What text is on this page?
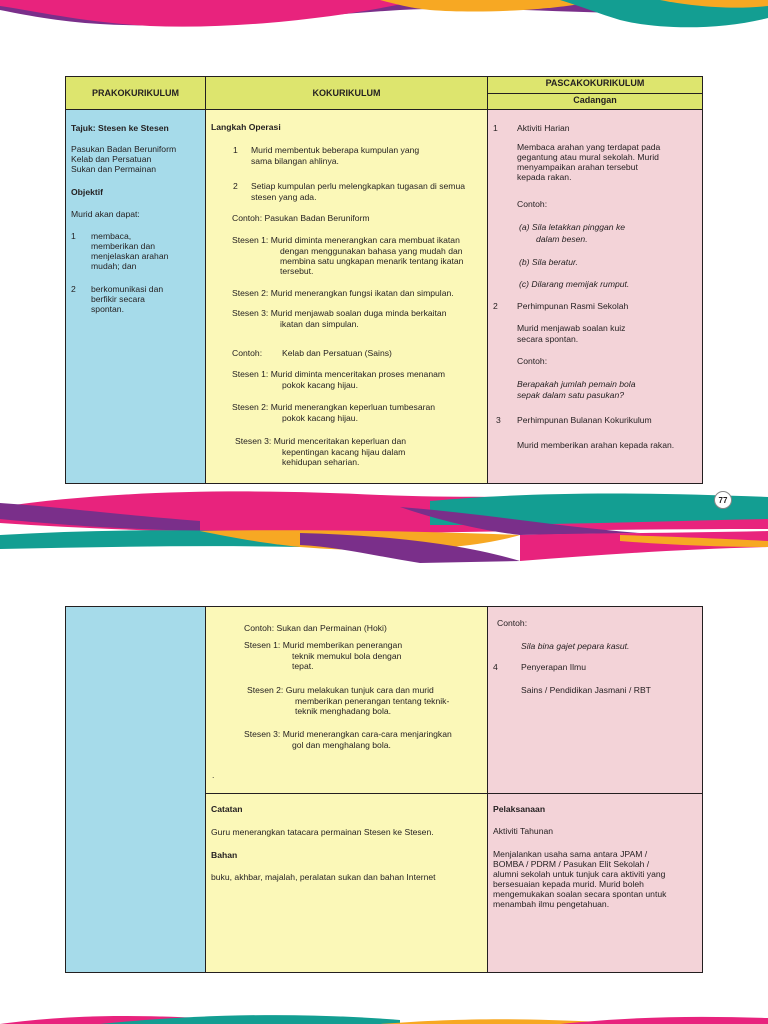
77
PRAKOKURIKULUM	KOKURIKULUM
PASCAKOKURIKULUM
Cadangan
Tajuk: Stesen ke Stesen
Pasukan Badan Beruniform
Kelab dan Persatuan
Sukan dan Permainan
Objektif
Murid akan dapat:
1 membaca,
memberikan dan
menjelaskan arahan
mudah; dan
2 berkomunikasi dan
berfikir secara
spontan.
Langkah Operasi
1 Murid membentuk beberapa kumpulan yang
sama bilangan ahlinya.
2 Setiap kumpulan perlu melengkapkan tugasan di semua
stesen yang ada.
Contoh: Pasukan Badan Beruniform
Stesen 1: Murid diminta menerangkan cara membuat ikatan
dengan menggunakan bahasa yang mudah dan
membina satu ungkapan menarik tentang ikatan
tersebut.
Stesen 2: Murid menerangkan fungsi ikatan dan simpulan.
Stesen 3: Murid menjawab soalan duga minda berkaitan
ikatan dan simpulan.
Contoh: Kelab dan Persatuan (Sains)
Stesen 1: Murid diminta menceritakan proses menanam
pokok kacang hijau.
Stesen 2: Murid menerangkan keperluan tumbesaran
pokok kacang hijau.
Stesen 3: Murid menceritakan keperluan dan
kepentingan kacang hijau dalam
kehidupan seharian.
1 Aktiviti Harian
Membaca arahan yang terdapat pada
gegantung atau mural sekolah. Murid
menyampaikan arahan tersebut
kepada rakan.
Contoh:
(a) Sila letakkan pinggan ke
dalam besen.
(b) Sila beratur.
(c) Dilarang memijak rumput.
2 Perhimpunan Rasmi Sekolah
Murid menjawab soalan kuiz
secara spontan.
Contoh:
Berapakah jumlah pemain bola
sepak dalam satu pasukan?
3 Perhimpunan Bulanan Kokurikulum
Murid memberikan arahan kepada rakan.
Contoh: Sukan dan Permainan (Hoki)
Stesen 1: Murid memberikan penerangan
teknik memukul bola dengan
tepat.
Stesen 2: Guru melakukan tunjuk cara dan murid
memberikan penerangan tentang teknik-
teknik menghadang bola.
Stesen 3: Murid menerangkan cara-cara menjaringkan
gol dan menghalang bola.
.
Catatan
Guru menerangkan tatacara permainan Stesen ke Stesen.
Bahan
buku, akhbar, majalah, peralatan sukan dan bahan Internet
Contoh:
Sila bina gajet pepara kasut.
4	Penyerapan Ilmu
Sains / Pendidikan Jasmani / RBT
Pelaksanaan
Aktiviti Tahunan
Menjalankan usaha sama antara JPAM /
BOMBA / PDRM / Pasukan Elit Sekolah /
alumni sekolah untuk tunjuk cara aktiviti yang
bersesuaian kepada murid. Murid boleh
mengemukakan soalan secara spontan untuk
menambah ilmu pengetahuan.
